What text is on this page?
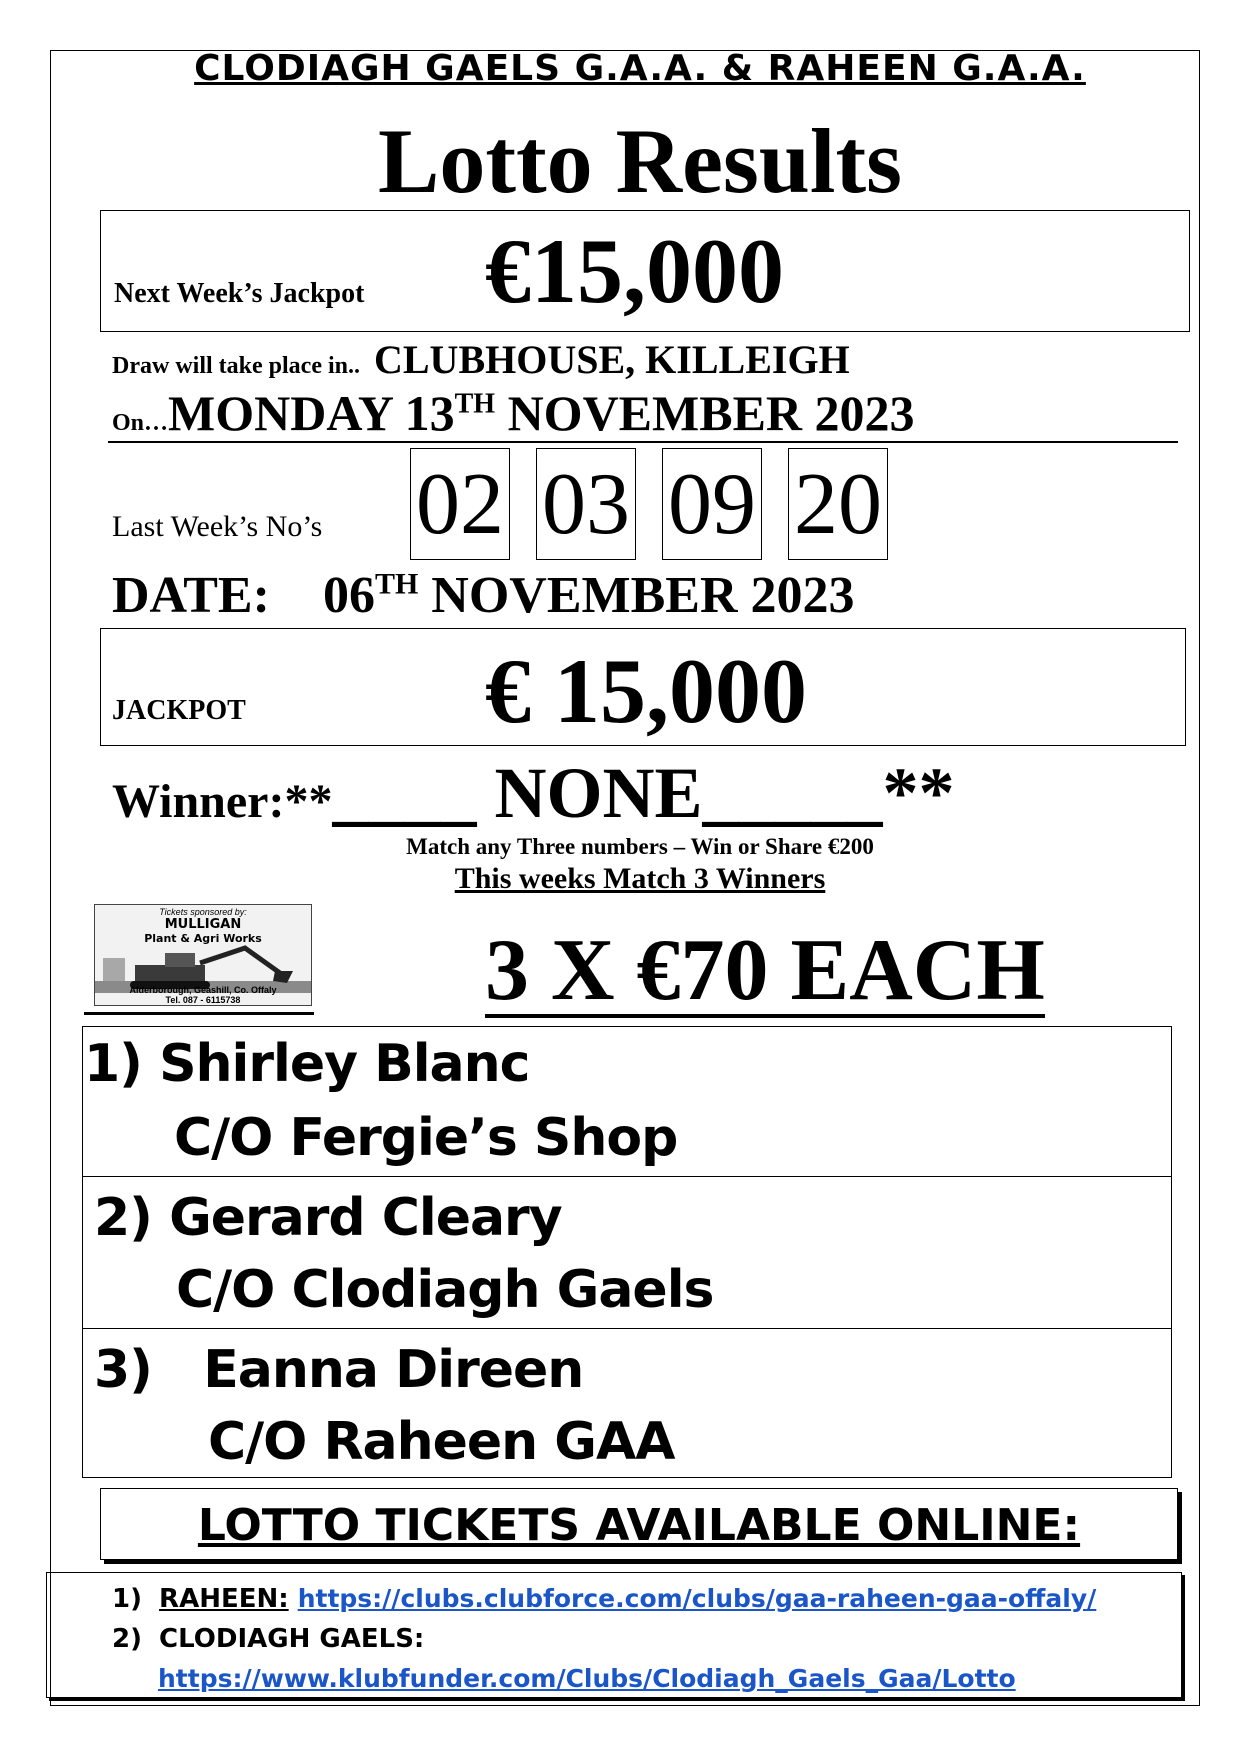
CLODIAGH GAELS G.A.A. & RAHEEN G.A.A.
Lotto Results
Next Week’s Jackpot €15,000
Draw will take place in.. CLUBHOUSE, KILLEIGH
On…MONDAY 13TH NOVEMBER 2023
Last Week’s No’s 02 03 09 20
DATE: 06TH NOVEMBER 2023
JACKPOT	€ 15,000
Winner:**____ NONE_____**
Match any Three numbers – Win or Share €200
This weeks Match 3 Winners
Tickets sponsored by:
MULLIGAN
Plant & Agri Works
Alderborough, Geashill, Co. Offaly
Tel. 087 - 6115738	3 X €70 EACH
1) Shirley Blanc
C/O Fergie’s Shop
2) Gerard Cleary
C/O Clodiagh Gaels
3) Eanna Direen
C/O Raheen GAA
LOTTO TICKETS AVAILABLE ONLINE:
1) RAHEEN: https://clubs.clubforce.com/clubs/gaa-raheen-gaa-offaly/
2) CLODIAGH GAELS:
https://www.klubfunder.com/Clubs/Clodiagh_Gaels_Gaa/Lotto
